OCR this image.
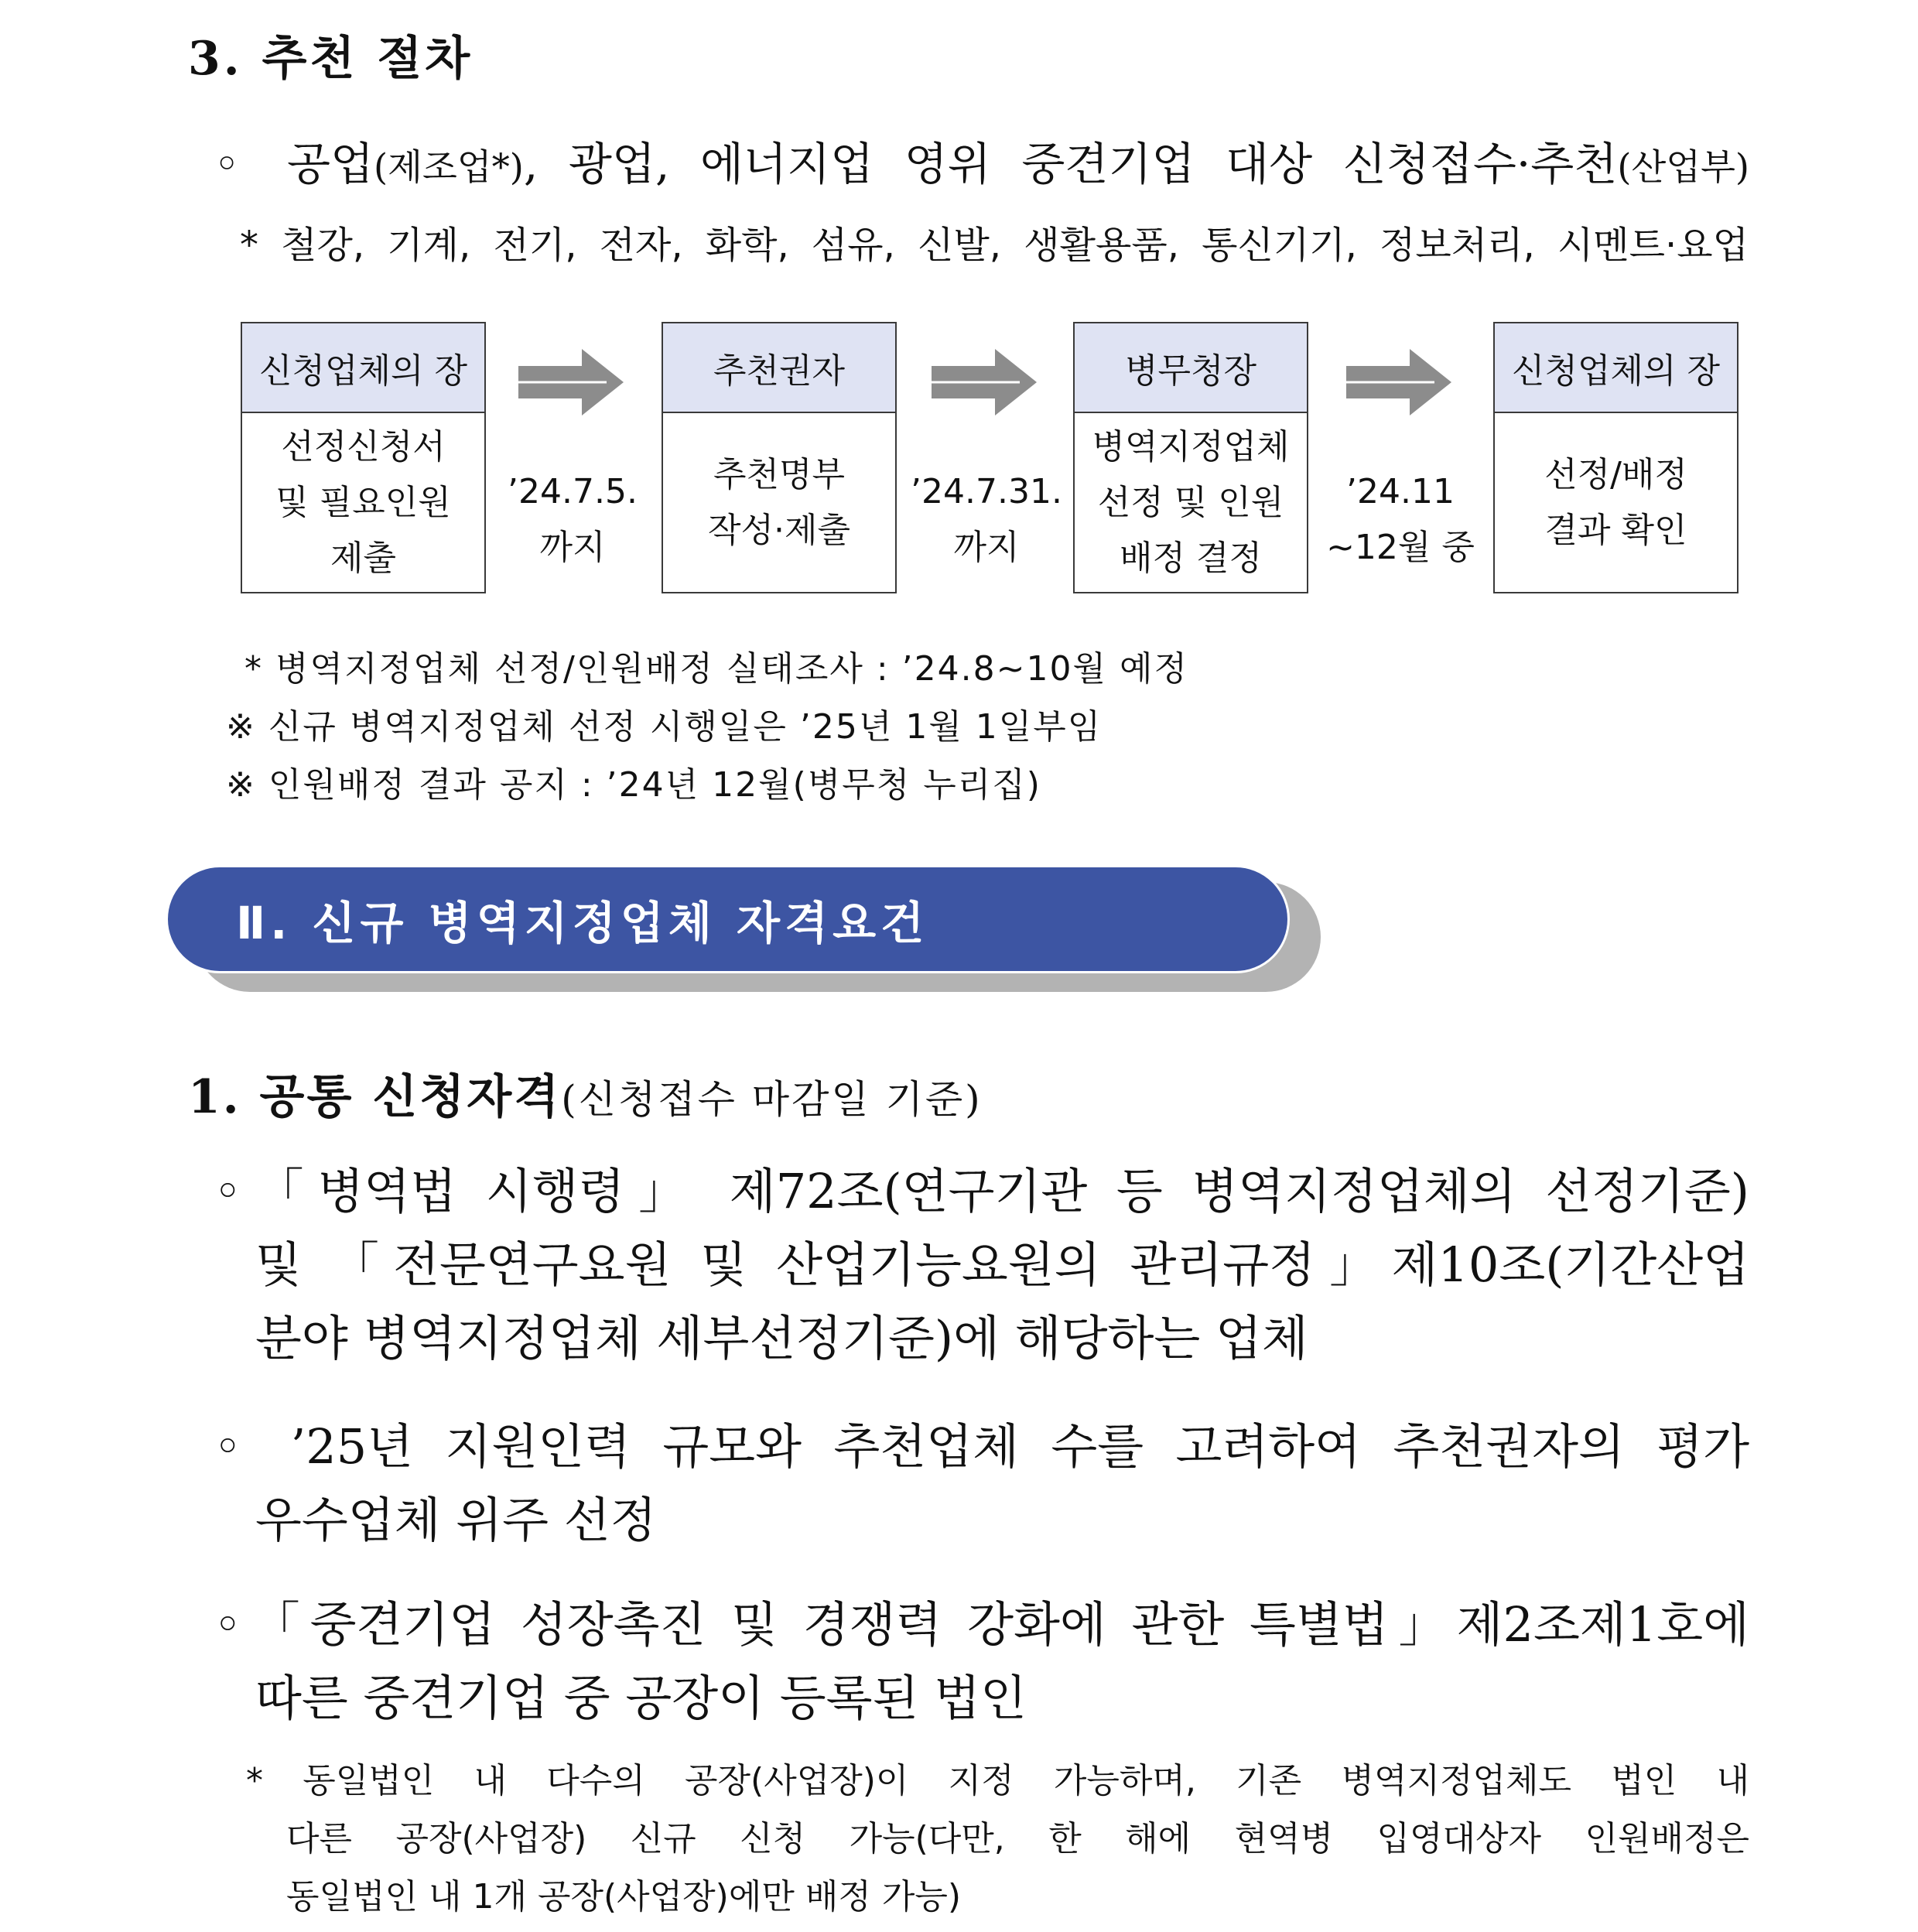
3. 추천 절차
◦ 공업(제조업*), 광업, 에너지업 영위 중견기업 대상 신청접수·추천(산업부)
* 철강, 기계, 전기, 전자, 화학, 섬유, 신발, 생활용품, 통신기기, 정보처리, 시멘트·요업
신청업체의 장
선정신청서
및 필요인원
제출
’24.7.5.
까지
추천권자
추천명부
작성·제출
’24.7.31.
까지
병무청장
병역지정업체
선정 및 인원
배정 결정
’24.11
~12월 중
신청업체의 장
선정/배정
결과 확인
* 병역지정업체 선정/인원배정 실태조사 : ’24.8~10월 예정
※ 신규 병역지정업체 선정 시행일은 ’25년 1월 1일부임
※ 인원배정 결과 공지 : ’24년 12월(병무청 누리집)
Ⅱ. 신규 병역지정업체 자격요건
1. 공통 신청자격(신청접수 마감일 기준)
◦「병역법 시행령」 제72조(연구기관 등 병역지정업체의 선정기준)
및 「전문연구요원 및 산업기능요원의 관리규정」제10조(기간산업
분야 병역지정업체 세부선정기준)에 해당하는 업체
◦ ’25년 지원인력 규모와 추천업체 수를 고려하여 추천권자의 평가
우수업체 위주 선정
◦「중견기업 성장촉진 및 경쟁력 강화에 관한 특별법」제2조제1호에
따른 중견기업 중 공장이 등록된 법인
* 동일법인 내 다수의 공장(사업장)이 지정 가능하며, 기존 병역지정업체도 법인 내
다른 공장(사업장) 신규 신청 가능(다만, 한 해에 현역병 입영대상자 인원배정은
동일법인 내 1개 공장(사업장)에만 배정 가능)
